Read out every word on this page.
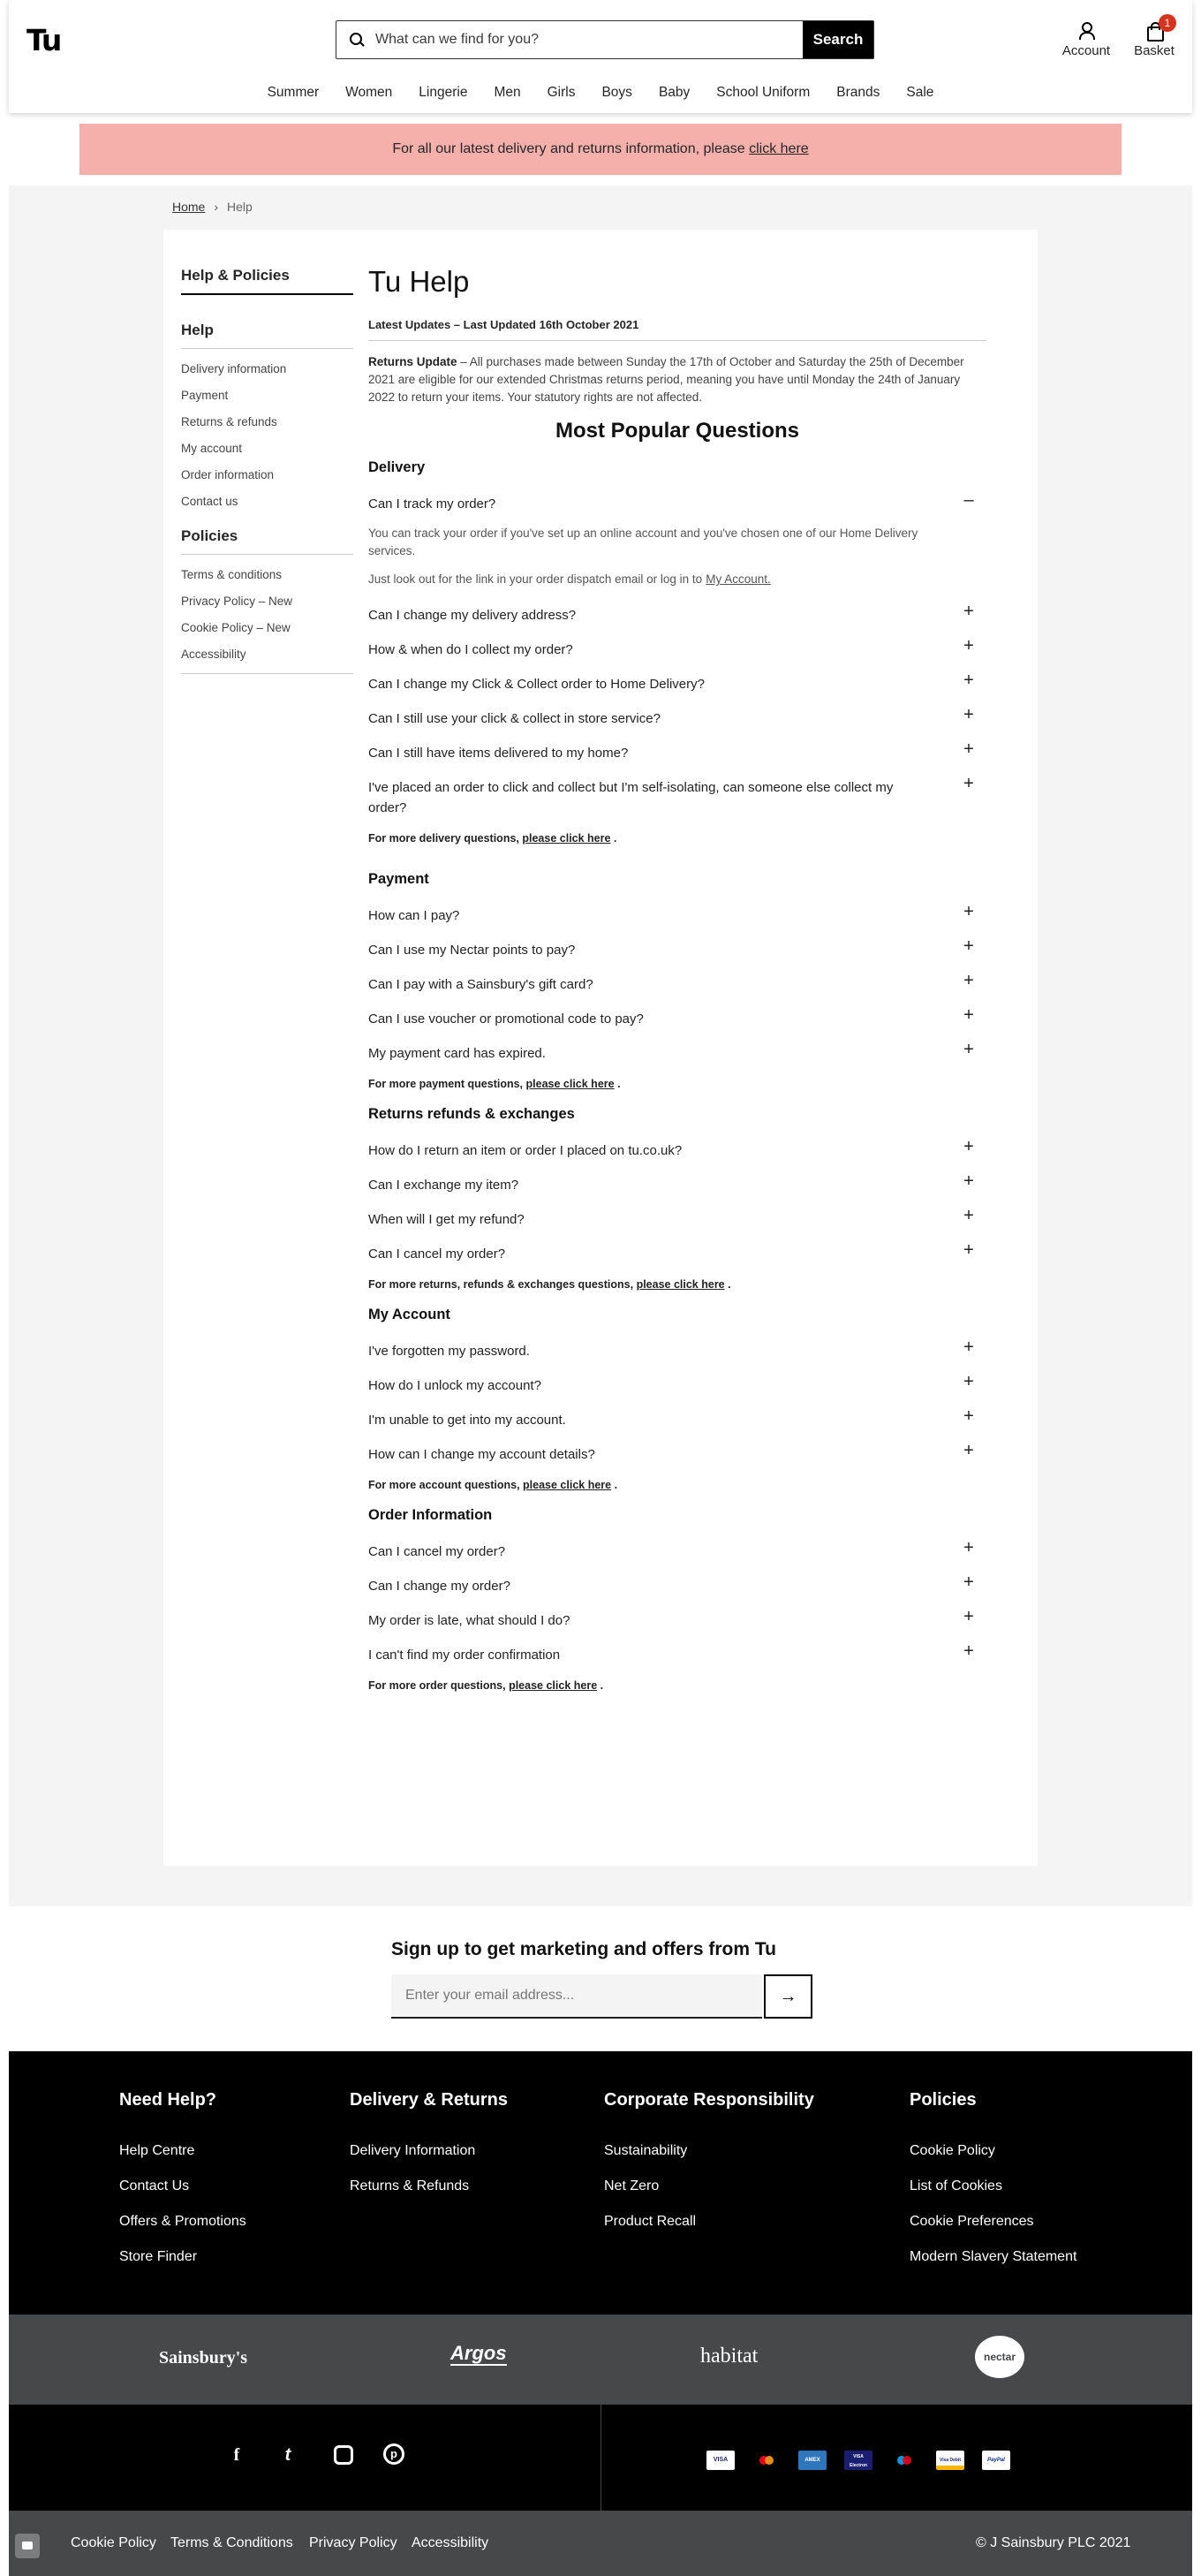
Tu
What can we find for you?	Search
Account
1
Basket
Summer	Women	Lingerie	Men	Girls	Boys	Baby	School Uniform	Brands	Sale
For all our latest delivery and returns information, please click here
Home › Help
Help & Policies
Help
Delivery information
Payment
Returns & refunds
My account
Order information
Contact us
Policies
Terms & conditions
Privacy Policy – New
Cookie Policy – New
Accessibility
Tu Help
Latest Updates – Last Updated 16th October 2021
Returns Update – All purchases made between Sunday the 17th of October and Saturday the 25th of December 2021 are eligible for our extended Christmas returns period, meaning you have until Monday the 24th of January 2022 to return your items. Your statutory rights are not affected.
Most Popular Questions
Delivery
Can I track my order?	–
You can track your order if you've set up an online account and you've chosen one of our Home Delivery services.
Just look out for the link in your order dispatch email or log in to My Account.
Can I change my delivery address?	+
How & when do I collect my order?	+
Can I change my Click & Collect order to Home Delivery?	+
Can I still use your click & collect in store service?	+
Can I still have items delivered to my home?	+
I've placed an order to click and collect but I'm self-isolating, can someone else collect my order?
+
For more delivery questions, please click here .
Payment
How can I pay?	+
Can I use my Nectar points to pay?	+
Can I pay with a Sainsbury's gift card?	+
Can I use voucher or promotional code to pay?	+
My payment card has expired.	+
For more payment questions, please click here .
Returns refunds & exchanges
How do I return an item or order I placed on tu.co.uk?	+
Can I exchange my item?	+
When will I get my refund?	+
Can I cancel my order?	+
For more returns, refunds & exchanges questions, please click here .
My Account
I've forgotten my password.	+
How do I unlock my account?	+
I'm unable to get into my account.	+
How can I change my account details?	+
For more account questions, please click here .
Order Information
Can I cancel my order?	+
Can I change my order?	+
My order is late, what should I do?	+
I can't find my order confirmation	+
For more order questions, please click here .
Sign up to get marketing and offers from Tu
Enter your email address...
→
Need Help?
Help Centre
Contact Us
Offers & Promotions
Store Finder
Delivery & Returns
Delivery Information
Returns & Refunds
Corporate Responsibility
Sustainability
Net Zero
Product Recall
Policies
Cookie Policy
List of Cookies
Cookie Preferences
Modern Slavery Statement
Sainsbury's	Argos	habitat	nectar
f	t	p	VISA	AMEX
VISA Electron
Visa Debit	PayPal
Cookie Policy Terms & Conditions Privacy Policy Accessibility	© J Sainsbury PLC 2021
